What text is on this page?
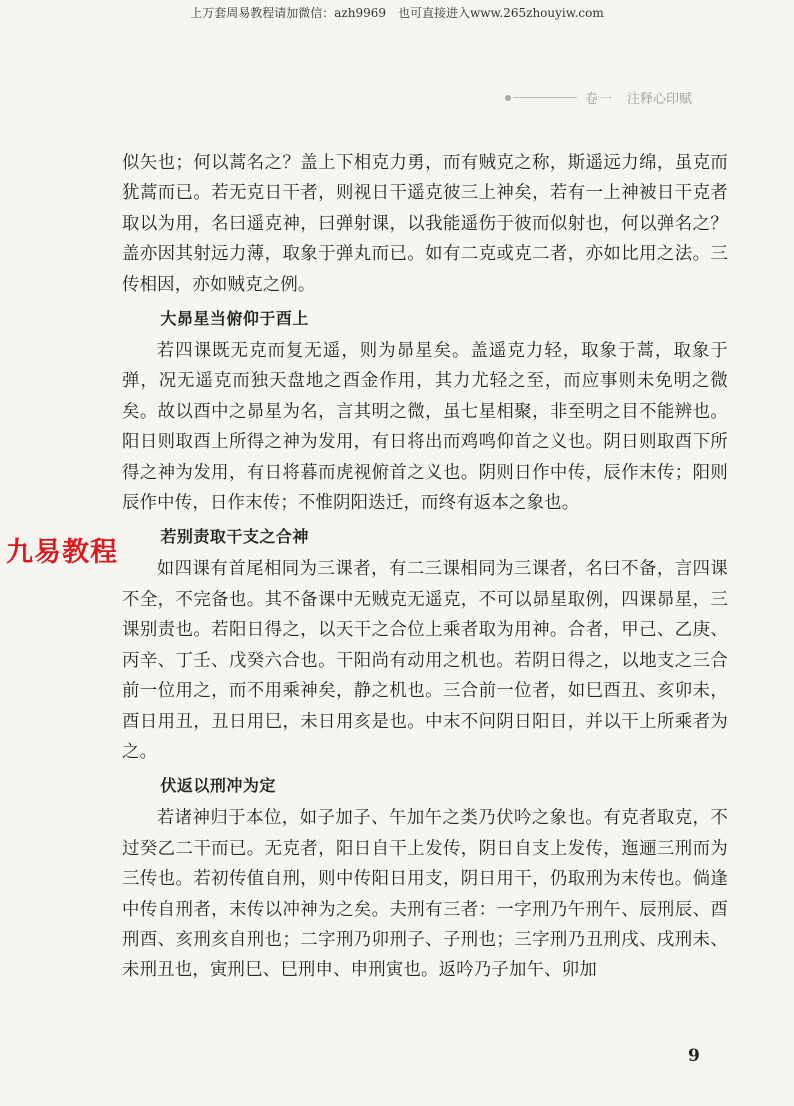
上万套周易教程请加微信：azh9969　也可直接进入www.265zhouyiw.com
卷一 注释心印赋
九易教程

似矢也；何以蒿名之？盖上下相克力勇，而有贼克之称，斯遥远力绵，虽克而犹蒿而已。若无克日干者，则视日干遥克彼三上神矣，若有一上神被日干克者取以为用，名曰遥克神，曰弹射课，以我能遥伤于彼而似射也，何以弹名之？盖亦因其射远力薄，取象于弹丸而已。如有二克或克二者，亦如比用之法。三传相因，亦如贼克之例。

大昴星当俯仰于酉上

若四课既无克而复无遥，则为昴星矣。盖遥克力轻，取象于蒿，取象于弹，况无遥克而独天盘地之酉金作用，其力尤轻之至，而应事则未免明之微矣。故以酉中之昴星为名，言其明之微，虽七星相聚，非至明之目不能辨也。阳日则取酉上所得之神为发用，有日将出而鸡鸣仰首之义也。阴日则取酉下所得之神为发用，有日将暮而虎视俯首之义也。阴则日作中传，辰作末传；阳则辰作中传，日作末传；不惟阴阳迭迁，而终有返本之象也。

若别责取干支之合神

如四课有首尾相同为三课者，有二三课相同为三课者，名曰不备，言四课不全，不完备也。其不备课中无贼克无遥克，不可以昴星取例，四课昴星，三课别责也。若阳日得之，以天干之合位上乘者取为用神。合者，甲己、乙庚、丙辛、丁壬、戊癸六合也。干阳尚有动用之机也。若阴日得之，以地支之三合前一位用之，而不用乘神矣，静之机也。三合前一位者，如巳酉丑、亥卯未，酉日用丑，丑日用巳，未日用亥是也。中末不问阴日阳日，并以干上所乘者为之。

伏返以刑冲为定

若诸神归于本位，如子加子、午加午之类乃伏吟之象也。有克者取克，不过癸乙二干而已。无克者，阳日自干上发传，阴日自支上发传，迤逦三刑而为三传也。若初传值自刑，则中传阳日用支，阴日用干，仍取刑为末传也。倘逢中传自刑者，末传以冲神为之矣。夫刑有三者：一字刑乃午刑午、辰刑辰、酉刑酉、亥刑亥自刑也；二字刑乃卯刑子、子刑也；三字刑乃丑刑戌、戌刑未、未刑丑也，寅刑巳、巳刑申、申刑寅也。返吟乃子加午、卯加

9
